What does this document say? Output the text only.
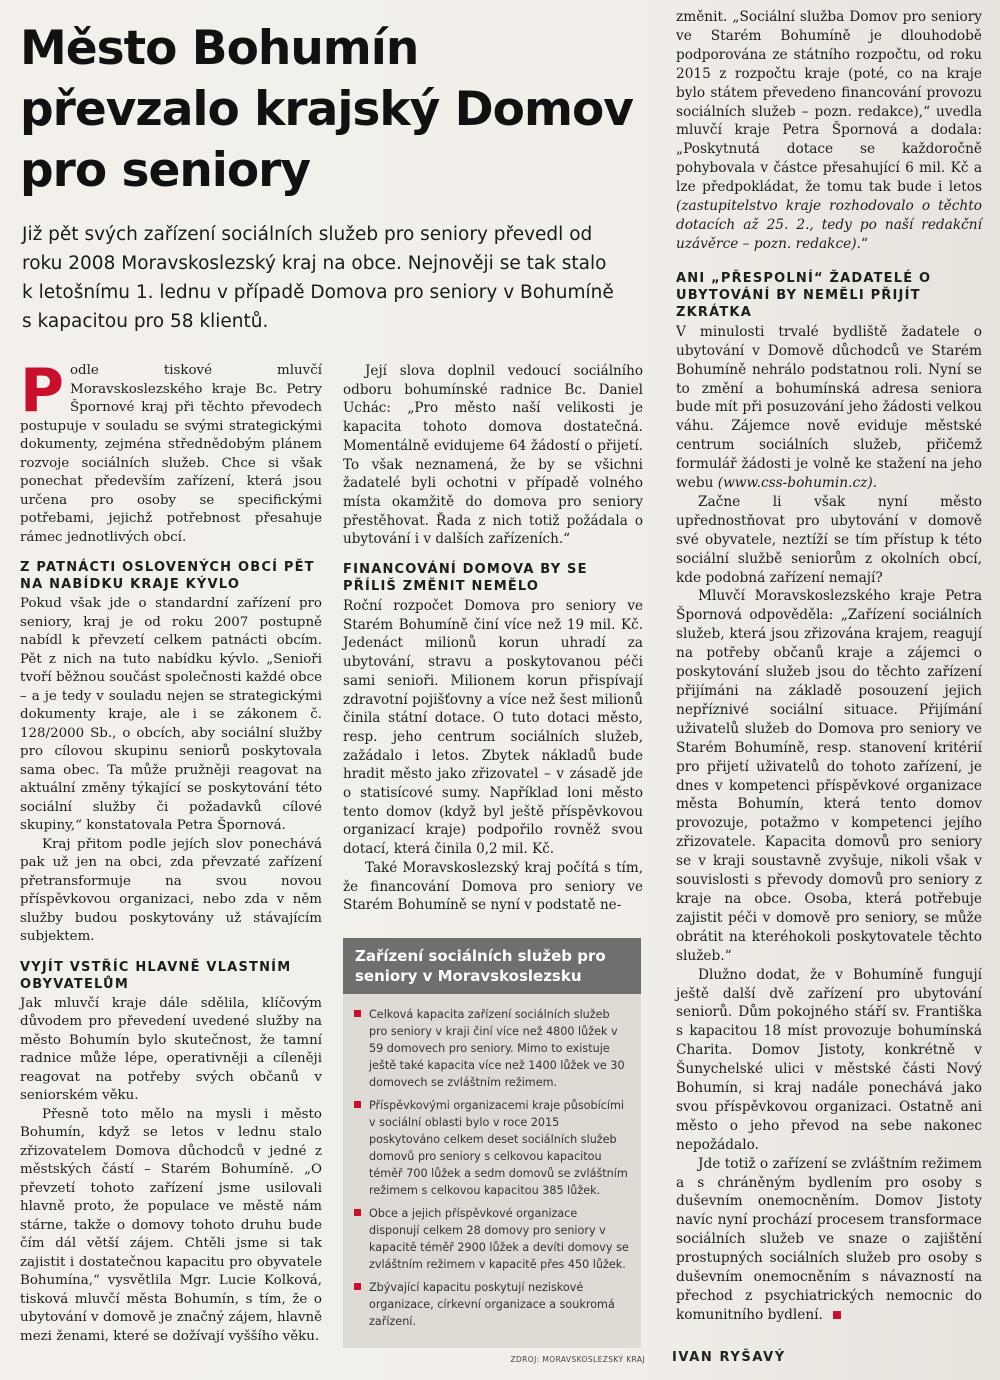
Město Bohumín převzalo krajský Domov pro seniory

Již pět svých zařízení sociálních služeb pro seniory převedl od roku 2008 Moravskoslezský kraj na obce. Nejnověji se tak stalo k letošnímu 1. lednu v případě Domova pro seniory v Bohumíně s kapacitou pro 58 klientů.

Podle tiskové mluvčí Moravskoslezského kraje Bc. Petry Špornové kraj při těchto převodech postupuje v souladu se svými strategickými dokumenty, zejména střednědobým plánem rozvoje sociálních služeb. Chce si však ponechat především zařízení, která jsou určena pro osoby se specifickými potřebami, jejichž potřebnost přesahuje rámec jednotlivých obcí.

Z PATNÁCTI OSLOVENÝCH OBCÍ PĚT NA NABÍDKU KRAJE KÝVLO

Pokud však jde o standardní zařízení pro seniory, kraj je od roku 2007 postupně nabídl k převzetí celkem patnácti obcím. Pět z nich na tuto nabídku kývlo. „Senioři tvoří běžnou součást společnosti každé obce – a je tedy v souladu nejen se strategickými dokumenty kraje, ale i se zákonem č. 128/2000 Sb., o obcích, aby sociální služby pro cílovou skupinu seniorů poskytovala sama obec. Ta může pružněji reagovat na aktuální změny týkající se poskytování této sociální služby či požadavků cílové skupiny,“ konstatovala Petra Špornová.

Kraj přitom podle jejích slov ponechává pak už jen na obci, zda převzaté zařízení přetransformuje na svou novou příspěvkovou organizaci, nebo zda v něm služby budou poskytovány už stávajícím subjektem.

VYJÍT VSTŘÍC HLAVNĚ VLASTNÍM OBYVATELŮM

Jak mluvčí kraje dále sdělila, klíčovým důvodem pro převedení uvedené služby na město Bohumín bylo skutečnost, že tamní radnice může lépe, operativněji a cíleněji reagovat na potřeby svých občanů v seniorském věku.

Přesně toto mělo na mysli i město Bohumín, když se letos v lednu stalo zřizovatelem Domova důchodců v jedné z městských částí – Starém Bohumíně. „O převzetí tohoto zařízení jsme usilovali hlavně proto, že populace ve městě nám stárne, takže o domovy tohoto druhu bude čím dál větší zájem. Chtěli jsme si tak zajistit i dostatečnou kapacitu pro obyvatele Bohumína,“ vysvětlila Mgr. Lucie Kolková, tisková mluvčí města Bohumín, s tím, že o ubytování v domově je značný zájem, hlavně mezi ženami, které se dožívají vyššího věku.

Její slova doplnil vedoucí sociálního odboru bohumínské radnice Bc. Daniel Uchác: „Pro město naší velikosti je kapacita tohoto domova dostatečná. Momentálně evidujeme 64 žádostí o přijetí. To však neznamená, že by se všichni žadatelé byli ochotni v případě volného místa okamžitě do domova pro seniory přestěhovat. Řada z nich totiž požádala o ubytování i v dalších zařízeních.“

FINANCOVÁNÍ DOMOVA BY SE PŘÍLIŠ ZMĚNIT NEMĚLO

Roční rozpočet Domova pro seniory ve Starém Bohumíně činí více než 19 mil. Kč. Jedenáct milionů korun uhradí za ubytování, stravu a poskytovanou péči sami senioři. Milionem korun přispívají zdravotní pojišťovny a více než šest milionů činila státní dotace. O tuto dotaci město, resp. jeho centrum sociálních služeb, zažádalo i letos. Zbytek nákladů bude hradit město jako zřizovatel – v zásadě jde o statisícové sumy. Například loni město tento domov (když byl ještě příspěvkovou organizací kraje) podpořilo rovněž svou dotací, která činila 0,2 mil. Kč.

Také Moravskoslezský kraj počítá s tím, že financování Domova pro seniory ve Starém Bohumíně se nyní v podstatě ne-

Zařízení sociálních služeb pro seniory v Moravskoslezsku
Celková kapacita zařízení sociálních služeb pro seniory v kraji činí více než 4800 lůžek v 59 domovech pro seniory. Mimo to existuje ještě také kapacita více než 1400 lůžek ve 30 domovech se zvláštním režimem.
Příspěvkovými organizacemi kraje působícími v sociální oblasti bylo v roce 2015 poskytováno celkem deset sociálních služeb domovů pro seniory s celkovou kapacitou téměř 700 lůžek a sedm domovů se zvláštním režimem s celkovou kapacitou 385 lůžek.
Obce a jejich příspěvkové organizace disponují celkem 28 domovy pro seniory v kapacitě téměř 2900 lůžek a devíti domovy se zvláštním režimem v kapacitě přes 450 lůžek.
Zbývající kapacitu poskytují neziskové organizace, církevní organizace a soukromá zařízení.
ZDROJ: MORAVSKOSLEZSKÝ KRAJ

změnit. „Sociální služba Domov pro seniory ve Starém Bohumíně je dlouhodobě podporována ze státního rozpočtu, od roku 2015 z rozpočtu kraje (poté, co na kraje bylo státem převedeno financování provozu sociálních služeb – pozn. redakce),“ uvedla mluvčí kraje Petra Špornová a dodala: „Poskytnutá dotace se každoročně pohybovala v částce přesahující 6 mil. Kč a lze předpokládat, že tomu tak bude i letos (zastupitelstvo kraje rozhodovalo o těchto dotacích až 25. 2., tedy po naší redakční uzávěrce – pozn. redakce).“

ANI „PŘESPOLNÍ“ ŽADATELÉ O UBYTOVÁNÍ BY NEMĚLI PŘIJÍT ZKRÁTKA

V minulosti trvalé bydliště žadatele o ubytování v Domově důchodců ve Starém Bohumíně nehrálo podstatnou roli. Nyní se to změní a bohumínská adresa seniora bude mít při posuzování jeho žádosti velkou váhu. Zájemce nově eviduje městské centrum sociálních služeb, přičemž formulář žádosti je volně ke stažení na jeho webu (www.css-bohumin.cz).

Začne li však nyní město upřednostňovat pro ubytování v domově své obyvatele, neztíží se tím přístup k této sociální službě seniorům z okolních obcí, kde podobná zařízení nemají?

Mluvčí Moravskoslezského kraje Petra Špornová odpověděla: „Zařízení sociálních služeb, která jsou zřizována krajem, reagují na potřeby občanů kraje a zájemci o poskytování služeb jsou do těchto zařízení přijímáni na základě posouzení jejich nepříznivé sociální situace. Přijímání uživatelů služeb do Domova pro seniory ve Starém Bohumíně, resp. stanovení kritérií pro přijetí uživatelů do tohoto zařízení, je dnes v kompetenci příspěvkové organizace města Bohumín, která tento domov provozuje, potažmo v kompetenci jejího zřizovatele. Kapacita domovů pro seniory se v kraji soustavně zvyšuje, nikoli však v souvislosti s převody domovů pro seniory z kraje na obce. Osoba, která potřebuje zajistit péči v domově pro seniory, se může obrátit na kteréhokoli poskytovatele těchto služeb.“

Dlužno dodat, že v Bohumíně fungují ještě další dvě zařízení pro ubytování seniorů. Dům pokojného stáří sv. Františka s kapacitou 18 míst provozuje bohumínská Charita. Domov Jistoty, konkrétně v Šunychelské ulici v městské části Nový Bohumín, si kraj nadále ponechává jako svou příspěvkovou organizaci. Ostatně ani město o jeho převod na sebe nakonec nepožádalo.

Jde totiž o zařízení se zvláštním režimem a s chráněným bydlením pro osoby s duševním onemocněním. Domov Jistoty navíc nyní prochází procesem transformace sociálních služeb ve snaze o zajištění prostupných sociálních služeb pro osoby s duševním onemocněním s návazností na přechod z psychiatrických nemocnic do komunitního bydlení.

IVAN RYŠAVÝ
